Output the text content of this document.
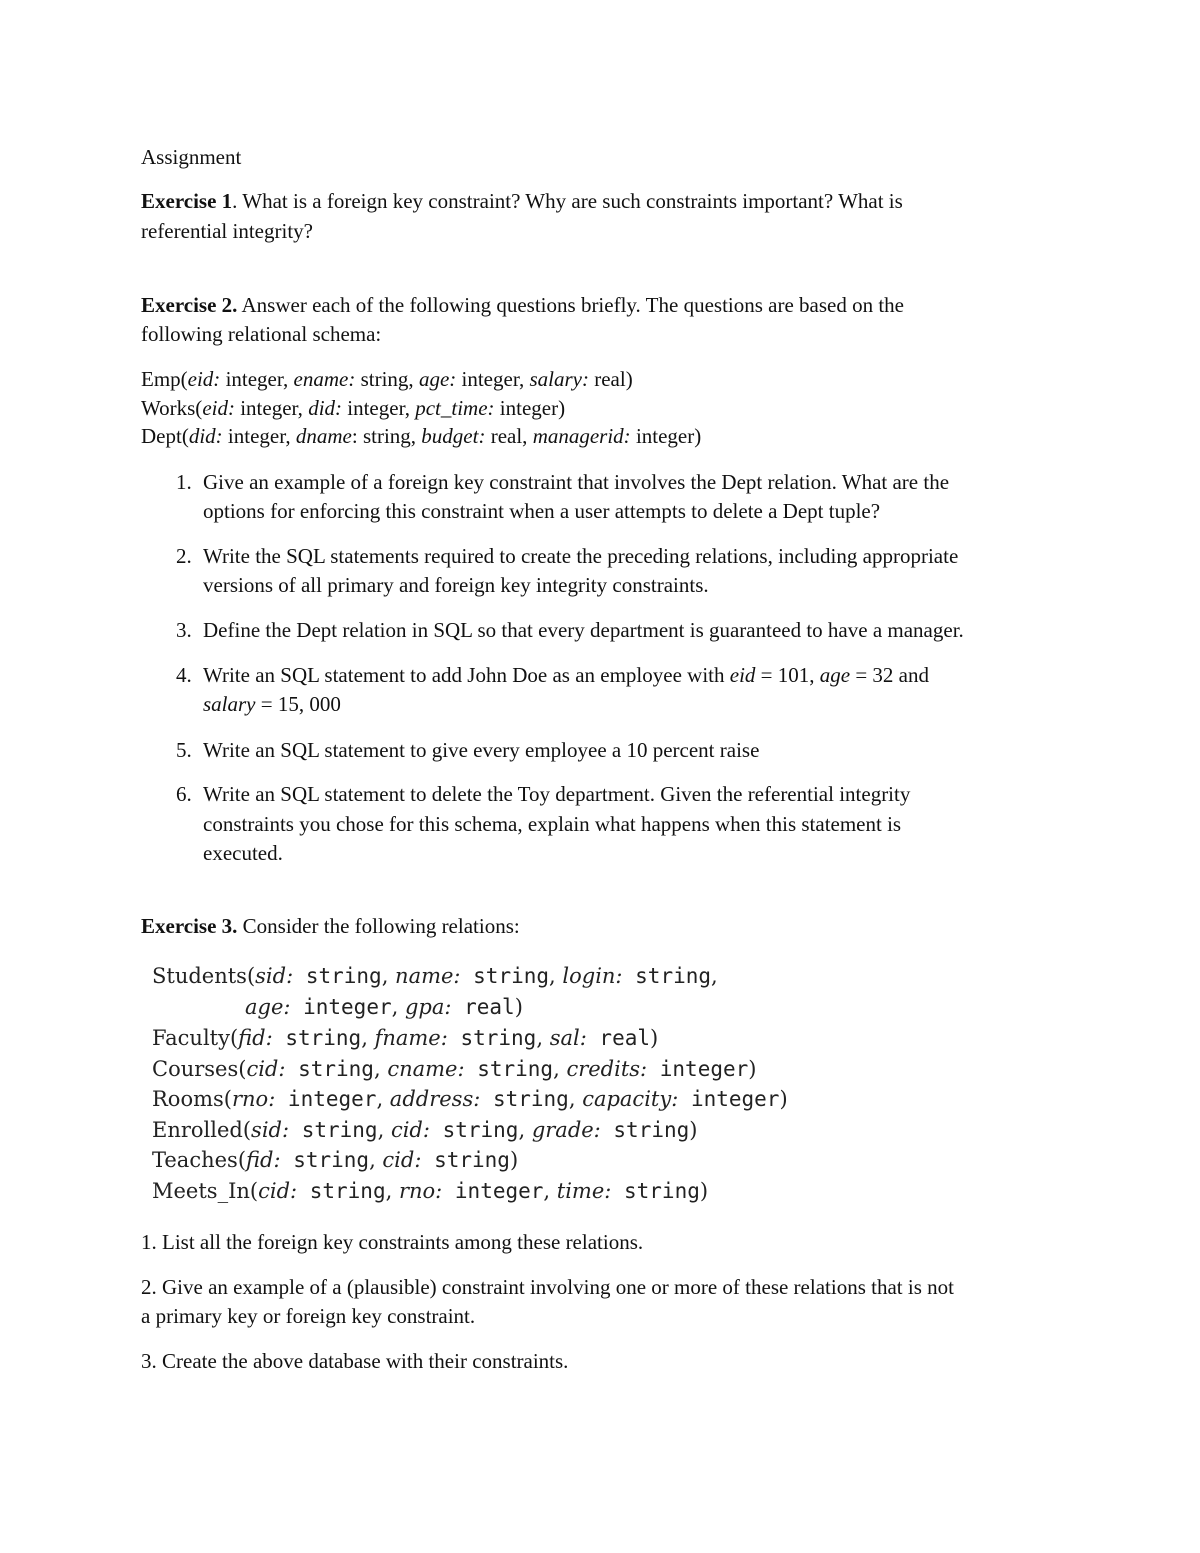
Assignment
Exercise 1. What is a foreign key constraint? Why are such constraints important? What is
referential integrity?
Exercise 2. Answer each of the following questions briefly. The questions are based on the
following relational schema:
Emp(eid: integer, ename: string, age: integer, salary: real)
Works(eid: integer, did: integer, pct_time: integer)
Dept(did: integer, dname: string, budget: real, managerid: integer)
1. Give an example of a foreign key constraint that involves the Dept relation. What are the
options for enforcing this constraint when a user attempts to delete a Dept tuple?
2. Write the SQL statements required to create the preceding relations, including appropriate
versions of all primary and foreign key integrity constraints.
3. Define the Dept relation in SQL so that every department is guaranteed to have a manager.
4. Write an SQL statement to add John Doe as an employee with eid = 101, age = 32 and
salary = 15, 000
5. Write an SQL statement to give every employee a 10 percent raise
6. Write an SQL statement to delete the Toy department. Given the referential integrity
constraints you chose for this schema, explain what happens when this statement is
executed.
Exercise 3. Consider the following relations:
Students(sid: string, name: string, login: string,
age: integer, gpa: real)
Faculty(fid: string, fname: string, sal: real)
Courses(cid: string, cname: string, credits: integer)
Rooms(rno: integer, address: string, capacity: integer)
Enrolled(sid: string, cid: string, grade: string)
Teaches(fid: string, cid: string)
Meets_In(cid: string, rno: integer, time: string)
1. List all the foreign key constraints among these relations.
2. Give an example of a (plausible) constraint involving one or more of these relations that is not
a primary key or foreign key constraint.
3. Create the above database with their constraints.
